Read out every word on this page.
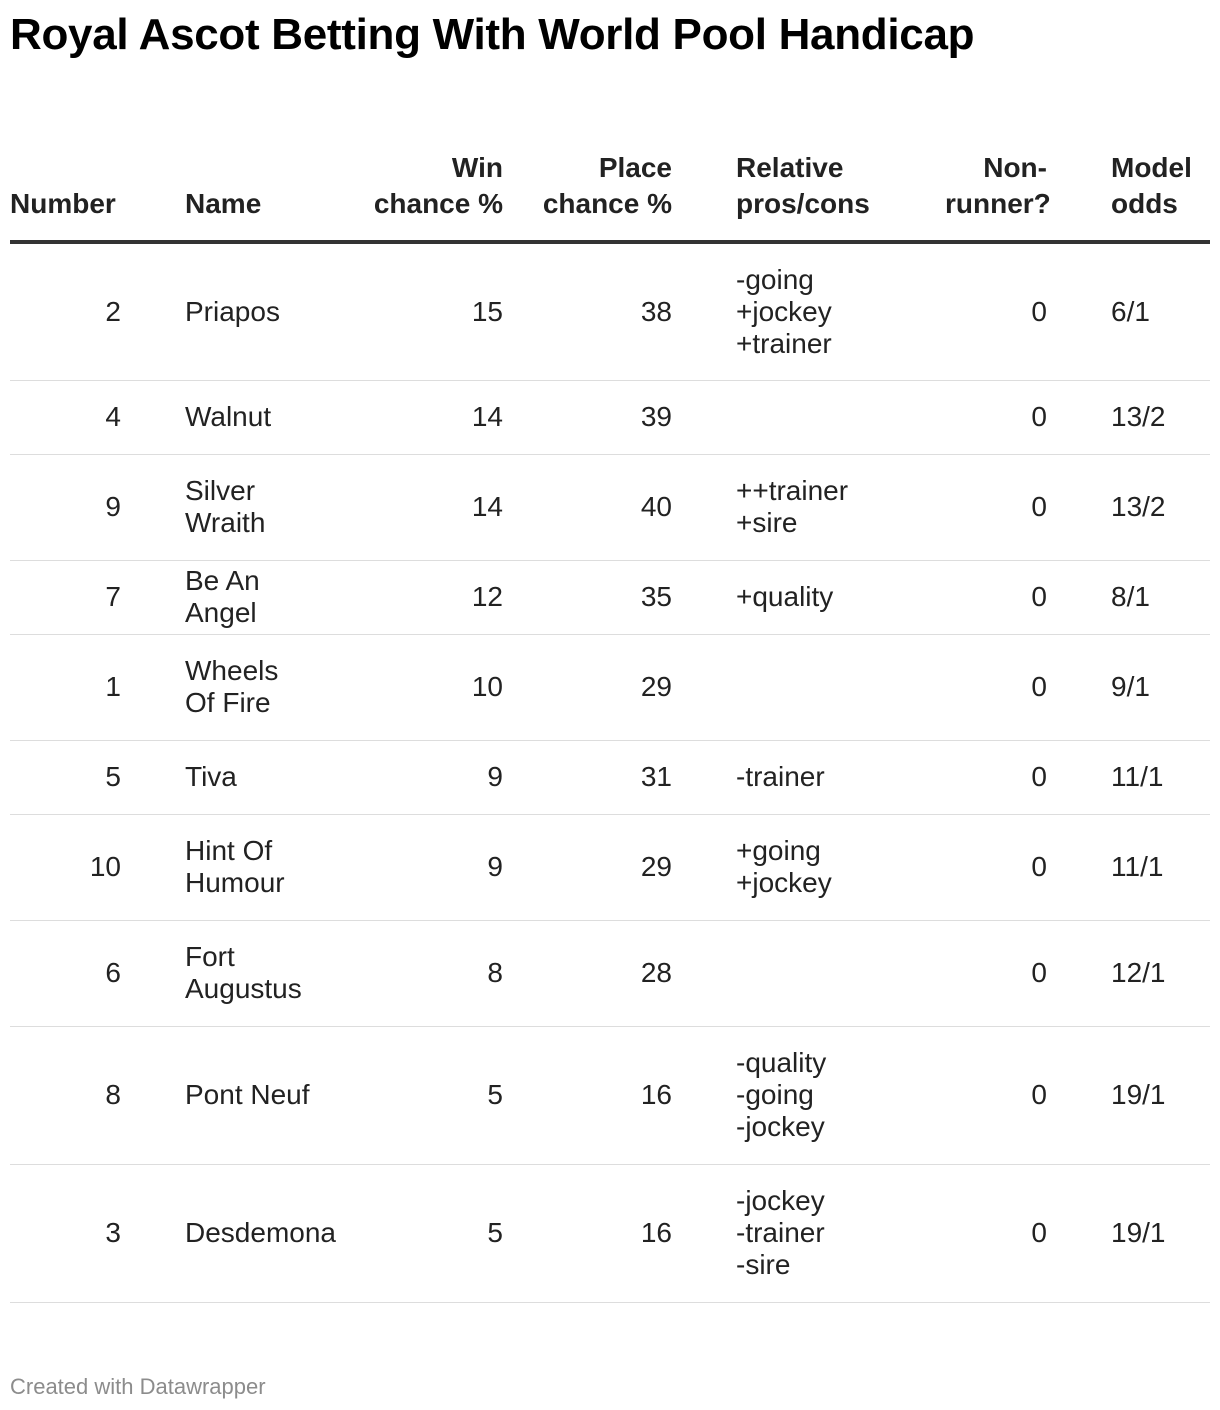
Royal Ascot Betting With World Pool Handicap
Number	Name	Win chance %	Place chance %	Relative pros/cons	Non-runner?	Model odds
2	Priapos	15	38	-going
+jockey
+trainer	0	6/1
4	Walnut	14	39		0	13/2
9	Silver Wraith	14	40	++trainer
+sire	0	13/2
7	Be An Angel	12	35	+quality	0	8/1
1	Wheels Of Fire	10	29		0	9/1
5	Tiva	9	31	-trainer	0	11/1
10	Hint Of Humour	9	29	+going
+jockey	0	11/1
6	Fort Augustus	8	28		0	12/1
8	Pont Neuf	5	16	-quality
-going
-jockey	0	19/1
3	Desdemona	5	16	-jockey
-trainer
-sire	0	19/1
Created with Datawrapper
